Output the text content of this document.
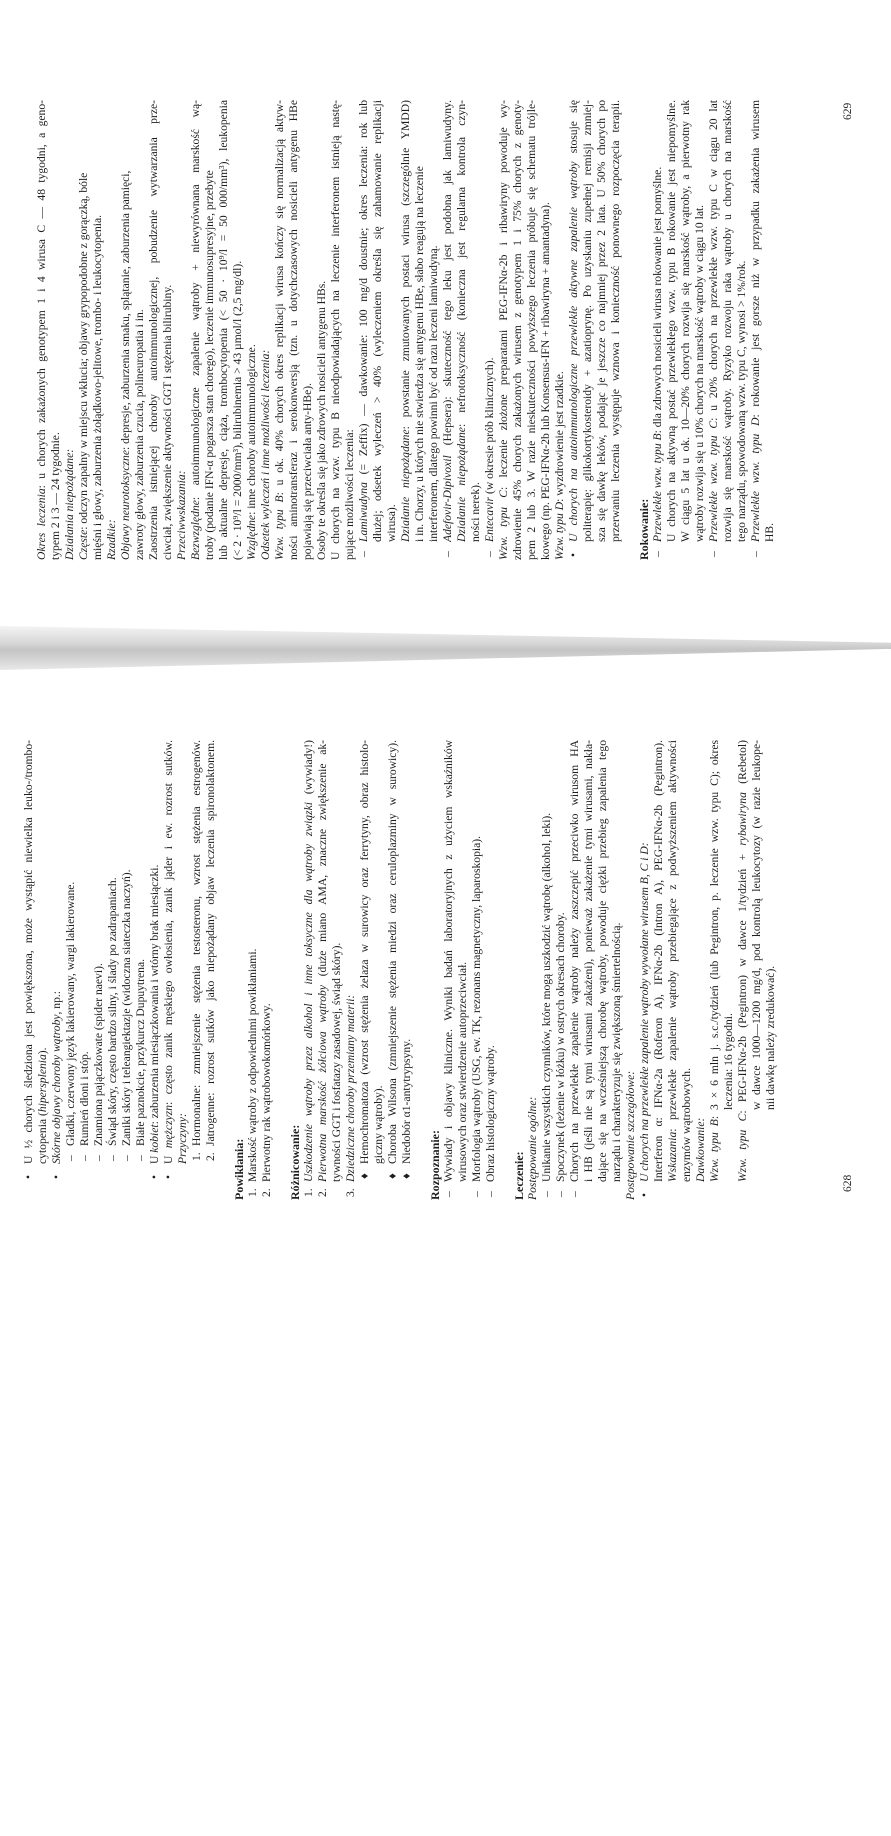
628
•
U ½ chorych śledziona jest powiększona, może wystąpić niewielka leuko-/trombo- cytopenia (hipersplenia).
•
Skórne objawy choroby wątroby, np.:
–
Gładki, czerwony język lakierowany, wargi lakierowane.
–
Rumień dłoni i stóp.
–
Znamiona pajączkowate (spider naevi).
–
Świąd skóry, często bardzo silny, i ślady po zadrapaniach.
–
Zaniki skóry i teleangiektazje (widoczna siateczka naczyń).
–
Białe paznokcie, przykurcz Dupuytrena.
•
U kobiet: zaburzenia miesiączkowania i wtórny brak miesiączki.
•
U mężczyzn: często zanik męskiego owłosienia, zanik jąder i ew. rozrost sutków.
Przyczyny: 1.
Hormonalne: zmniejszenie stężenia testosteronu, wzrost stężenia estrogenów.
2.
Jatrogenne: rozrost sutków jako niepożądany objaw leczenia spironolaktonem.
Powikłania: 1.
Marskość wątroby z odpowiednimi powikłaniami.
2.
Pierwotny rak wątrobowokomórkowy. Różnicowanie: 1.
Uszkodzenie wątroby przez alkohol i inne toksyczne dla wątroby związki (wywiady!)
2.
Pierwotna marskość żółciowa wątroby (duże miano AMA, znaczne zwiększenie ak-
tywności GGT i fosfatazy zasadowej, świąd skóry).
3.
Dziedziczne choroby przemiany materii: ♦
Hemochromatoza (wzrost stężenia żelaza w surowicy oraz ferrytyny, obraz histolo- giczny wątroby).
♦
Choroba Wilsona (zmniejszenie stężenia miedzi oraz ceruloplazminy w surowicy).
♦
Niedobór α1-antytrypsyny.
Rozpoznanie: –
Wywiady i objawy kliniczne. Wyniki badań laboratoryjnych z użyciem wskaźników wirusowych oraz stwierdzenie autoprzeciwciał.
–
Morfologia wątroby (USG, ew. TK, rezonans magnetyczny, laparoskopia).
–
Obraz histologiczny wątroby. Leczenie: Postępowanie ogólne: –
Unikanie wszystkich czynników, które mogą uszkodzić wątrobę (alkohol, leki).
–
Spoczynek (leżenie w łóżku) w ostrych okresach choroby.
–
Chorych na przewlekłe zapalenie wątroby należy zaszczepić przeciwko wirusom HA i HB (jeśli nie są tymi wirusami zakażeni), ponieważ zakażenie tymi wirusami, nakła- dające się na wcześniejszą chorobę wątroby, powoduje ciężki przebieg zapalenia tego narządu i charakteryzuje się zwiększoną śmiertelnością. Postępowanie szczegółowe: •
U chorych na przewlekłe zapalenie wątroby wywołane wirusem B, C i D: Interferon α: IFNα-2a (Roferon A), IFNα-2b (Intron A), PEG-IFNα-2b (Pegintron). Wskazania: przewlekłe zapalenie wątroby przebiegające z podwyższeniem aktywności enzymów wątrobowych. Dawkowanie: Wzw. typu B: 3 × 6 mln j. s.c./tydzień (lub Pegintron, p. leczenie wzw. typu C); okres leczenia: 16 tygodni.
Wzw. typu C: PEG-IFNα-2b (Pegintron) w dawce 1/tydzień + rybawiryna (Rebetol) w dawce 1000—1200 mg/d, pod kontrolą leukocytozy (w razie leukope- nii dawkę należy zredukować).
629
Okres leczenia: u chorych zakażonych genotypem 1 i 4 wirusa C — 48 tygodni, a geno-
typem 2 i 3 — 24 tygodnie. Działania niepożądane: Częste: odczyn zapalny w miejscu wkłucia; objawy grypopodobne z gorączką, bóle mięśni i głowy, zaburzenia żołądkowo-jelitowe, trombo- i leukocytopenia. Rzadkie: Objawy neurotoksyczne: depresje, zaburzenia smaku, splątanie, zaburzenia pamięci, zawroty głowy, zaburzenia czucia, polineuropatia i in. Zaostrzenia istniejącej choroby autoimmunologicznej, pobudzenie wytwarzania prze- ciwciał, zwiększenie aktywności GGT i stężenia bilirubiny. Przeciwwskazania: Bezwzględne: autoimmunologiczne zapalenie wątroby + niewyrównana marskość wą- troby (podanie IFN-α pogarsza stan chorego), leczenie immunosupresyjne, przebyte lub aktualne depresje, ciąża, trombocytopenia (< 50 · 10⁹/l = 50 000/mm³), leukopenia (< 2 · 10⁹/l = 2000/mm³), bilirubinemia > 43 µmol/l (2,5 mg/dl). Względne: inne choroby autoimmunologiczne. Odsetek wyleczeń i inne możliwości leczenia: Wzw. typu B: u ok. 40% chorych okres replikacji wirusa kończy się normalizacją aktyw- ności aminotransferaz i serokonwersją (tzn. u dotychczasowych nosicieli antygenu HBe pojawiają się przeciwciała anty-HBe). Osoby te określa się jako zdrowych nosicieli antygenu HBs. U chorych na wzw. typu B nieodpowiadających na leczenie interferonem istnieją nastę- pujące możliwości leczenia: –
Lamiwudyna (= Zeffix) — dawkowanie: 100 mg/d doustnie; okres leczenia: rok lub dłużej; odsetek wyleczeń > 40% (wyleczeniem określa się zahamowanie replikacji wirusa). Działanie niepożądane: powstanie zmutowanych postaci wirusa (szczególnie YMDD) i in. Chorzy, u których nie stwierdza się antygenu HBe, słabo reagują na leczenie interferonem, dlatego powinni być od razu leczeni lamiwudyną.
–
Adefovir-Dipivoxil (Hepsera): skuteczność tego leku jest podobna jak lamiwudyny.
Działanie niepożądane: nefrotoksyczność (konieczna jest regularna kontrola czyn-
ności nerek).
–
Entecavir (w okresie prób klinicznych).
Wzw. typu C: leczenie złożone preparatami PEG-IFNα-2b i ribawiryny powoduje wy- zdrowienie 45% chorych zakażonych wirusem z genotypem 1 i 75% chorych z genoty- pem 2 lub 3. W razie nieskuteczności powyższego leczenia próbuje się schematu trójle- kowego (np. PEG-IFNα-2b lub Konsensus-IFN + ribawiryna + amantadyna). Wzw. typu D: wyzdrowienie jest rzadkie.
•
U chorych na autoimmunologiczne przewlekłe aktywne zapalenie wątroby stosuje się politerapię: glikokortykosteroidy + azatioprynę. Po uzyskaniu zupełnej remisji zmniej- sza się dawkę leków, podając je jeszcze co najmniej przez 2 lata. U 50% chorych po przerwaniu leczenia występuje wznowa i konieczność ponownego rozpoczęcia terapii. Rokowanie: –
Przewlekłe wzw. typu B: dla zdrowych nosicieli wirusa rokowanie jest pomyślne. U chorych na aktywną postać przewlekłego wzw. typu B rokowanie jest niepomyślne. W ciągu 5 lat u ok. 10—20% chorych rozwija się marskość wątroby, a pierwotny rak wątroby rozwija się u 10% chorych na marskość wątroby w ciągu 10 lat.
–
Przewlekłe wzw. typu C: u 20% chorych na przewlekłe wzw. typu C w ciągu 20 lat rozwija się marskość wątroby. Ryzyko rozwoju raka wątroby u chorych na marskość tego narządu, spowodowaną wzw. typu C, wynosi > 1%/rok.
–
Przewlekłe wzw. typu D: rokowanie jest gorsze niż w przypadku zakażenia wirusem
HB.
